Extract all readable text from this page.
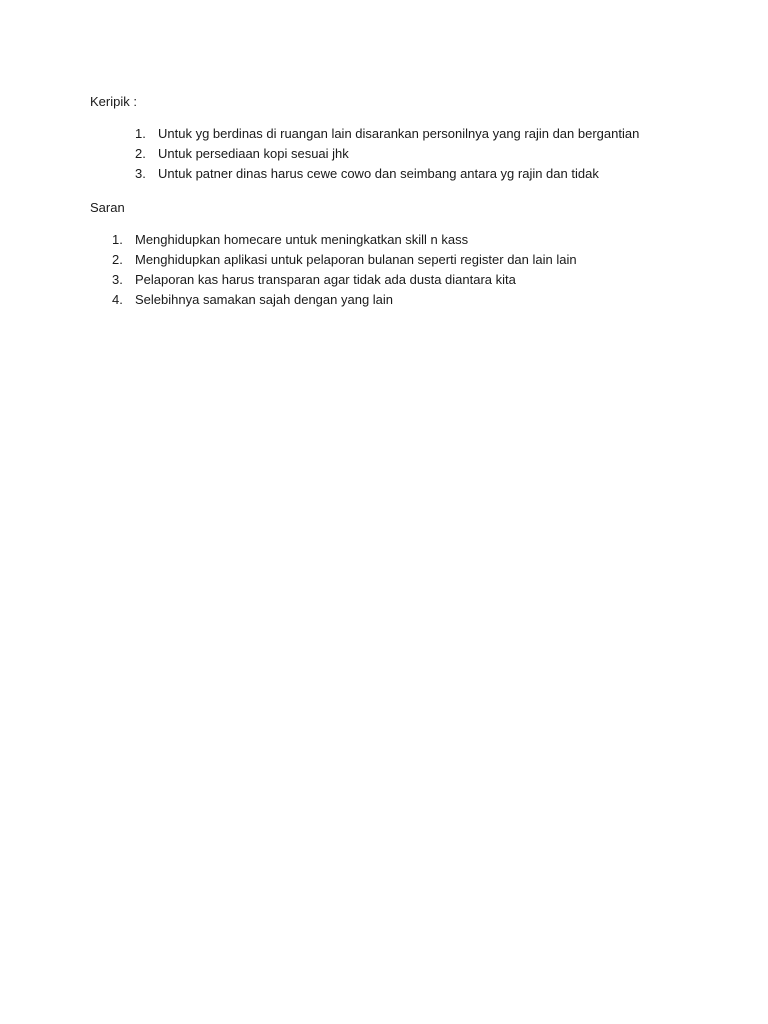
Keripik :

1. Untuk yg berdinas di ruangan lain disarankan personilnya yang rajin dan bergantian
2. Untuk persediaan kopi sesuai jhk
3. Untuk patner dinas harus cewe cowo dan seimbang antara yg rajin dan tidak

Saran

1. Menghidupkan homecare untuk meningkatkan skill n kass
2. Menghidupkan aplikasi untuk pelaporan bulanan seperti register dan lain lain
3. Pelaporan kas harus transparan agar tidak ada dusta diantara kita
4. Selebihnya samakan sajah dengan yang lain
